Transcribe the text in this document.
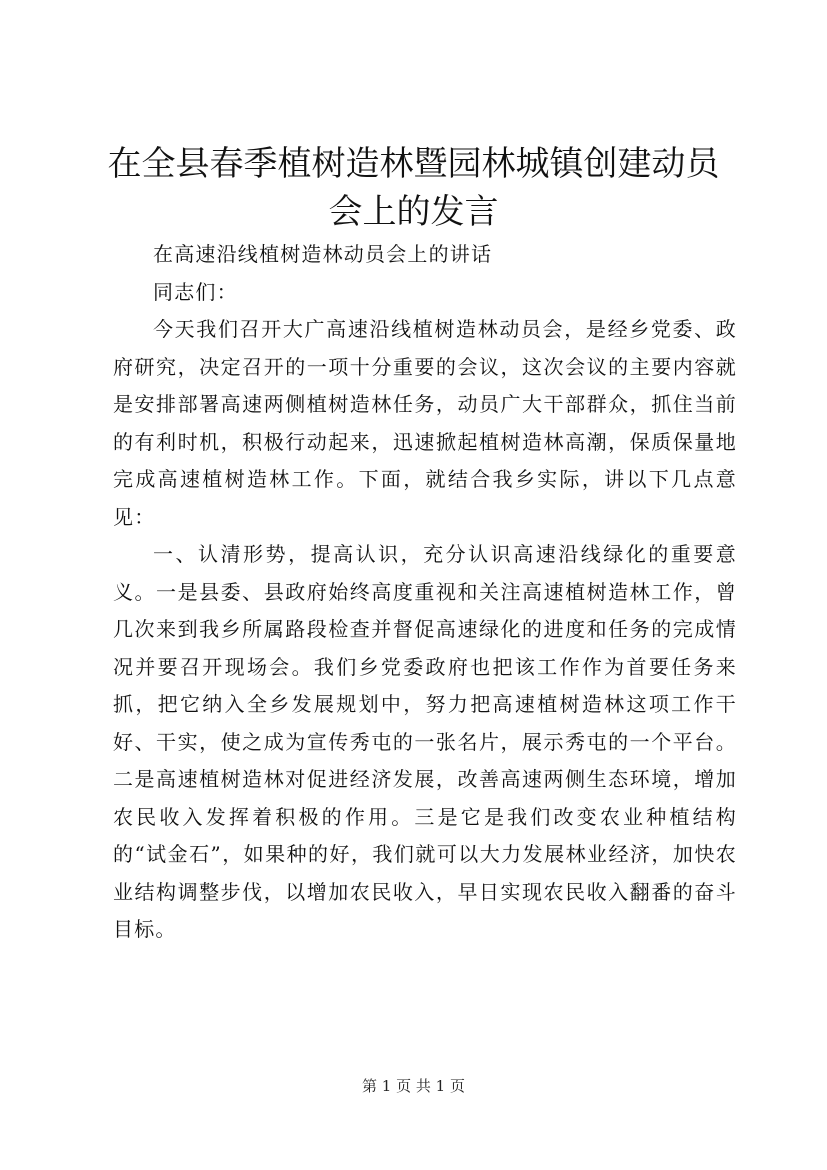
在全县春季植树造林暨园林城镇创建动员会上的发言

在高速沿线植树造林动员会上的讲话

同志们：

今天我们召开大广高速沿线植树造林动员会，是经乡党委、政府研究，决定召开的一项十分重要的会议，这次会议的主要内容就是安排部署高速两侧植树造林任务，动员广大干部群众，抓住当前的有利时机，积极行动起来，迅速掀起植树造林高潮，保质保量地完成高速植树造林工作。下面，就结合我乡实际，讲以下几点意见：

一、认清形势，提高认识，充分认识高速沿线绿化的重要意义。一是县委、县政府始终高度重视和关注高速植树造林工作，曾几次来到我乡所属路段检查并督促高速绿化的进度和任务的完成情况并要召开现场会。我们乡党委政府也把该工作作为首要任务来抓，把它纳入全乡发展规划中，努力把高速植树造林这项工作干好、干实，使之成为宣传秀屯的一张名片，展示秀屯的一个平台。二是高速植树造林对促进经济发展，改善高速两侧生态环境，增加农民收入发挥着积极的作用。三是它是我们改变农业种植结构的“试金石”，如果种的好，我们就可以大力发展林业经济，加快农业结构调整步伐，以增加农民收入，早日实现农民收入翻番的奋斗目标。

第 1 页 共 1 页
